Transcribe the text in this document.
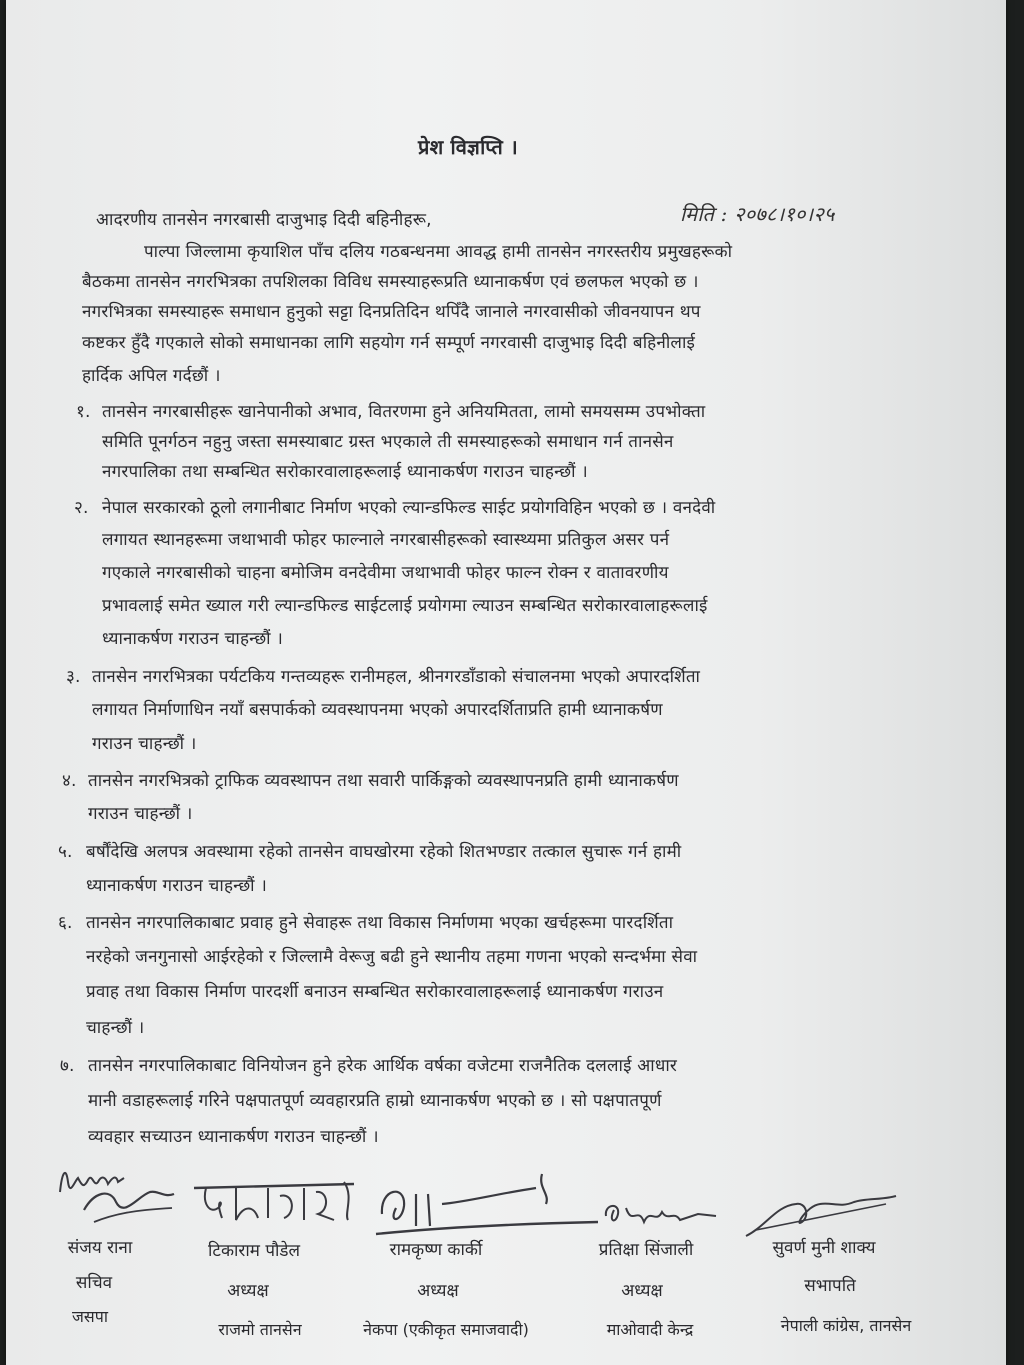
प्रेश विज्ञप्ति ।
मिति : २०७८।१०।२५
आदरणीय तानसेन नगरबासी दाजुभाइ दिदी बहिनीहरू,
पाल्पा जिल्लामा कृयाशिल पाँच दलिय गठबन्धनमा आवद्ध हामी तानसेन नगरस्तरीय प्रमुखहरूको
बैठकमा तानसेन नगरभित्रका तपशिलका विविध समस्याहरूप्रति ध्यानाकर्षण एवं छलफल भएको छ ।
नगरभित्रका समस्याहरू समाधान हुनुको सट्टा दिनप्रतिदिन थपिँदै जानाले नगरवासीको जीवनयापन थप
कष्टकर हुँदै गएकाले सोको समाधानका लागि सहयोग गर्न सम्पूर्ण नगरवासी दाजुभाइ दिदी बहिनीलाई
हार्दिक अपिल गर्दछौं ।
१. तानसेन नगरबासीहरू खानेपानीको अभाव, वितरणमा हुने अनियमितता, लामो समयसम्म उपभोक्ता
समिति पूनर्गठन नहुनु जस्ता समस्याबाट ग्रस्त भएकाले ती समस्याहरूको समाधान गर्न तानसेन
नगरपालिका तथा सम्बन्धित सरोकारवालाहरूलाई ध्यानाकर्षण गराउन चाहन्छौं ।
२. नेपाल सरकारको ठूलो लगानीबाट निर्माण भएको ल्यान्डफिल्ड साईट प्रयोगविहिन भएको छ । वनदेवी
लगायत स्थानहरूमा जथाभावी फोहर फाल्नाले नगरबासीहरूको स्वास्थ्यमा प्रतिकुल असर पर्न
गएकाले नगरबासीको चाहना बमोजिम वनदेवीमा जथाभावी फोहर फाल्न रोक्न र वातावरणीय
प्रभावलाई समेत ख्याल गरी ल्यान्डफिल्ड साईटलाई प्रयोगमा ल्याउन सम्बन्धित सरोकारवालाहरूलाई
ध्यानाकर्षण गराउन चाहन्छौं ।
३. तानसेन नगरभित्रका पर्यटकिय गन्तव्यहरू रानीमहल, श्रीनगरडाँडाको संचालनमा भएको अपारदर्शिता
लगायत निर्माणाधिन नयाँ बसपार्कको व्यवस्थापनमा भएको अपारदर्शिताप्रति हामी ध्यानाकर्षण
गराउन चाहन्छौं ।
४. तानसेन नगरभित्रको ट्राफिक व्यवस्थापन तथा सवारी पार्किङ्गको व्यवस्थापनप्रति हामी ध्यानाकर्षण
गराउन चाहन्छौं ।
५. बर्षौंदेखि अलपत्र अवस्थामा रहेको तानसेन वाघखोरमा रहेको शितभण्डार तत्काल सुचारू गर्न हामी
ध्यानाकर्षण गराउन चाहन्छौं ।
६. तानसेन नगरपालिकाबाट प्रवाह हुने सेवाहरू तथा विकास निर्माणमा भएका खर्चहरूमा पारदर्शिता
नरहेको जनगुनासो आईरहेको र जिल्लामै वेरूजु बढी हुने स्थानीय तहमा गणना भएको सन्दर्भमा सेवा
प्रवाह तथा विकास निर्माण पारदर्शी बनाउन सम्बन्धित सरोकारवालाहरूलाई ध्यानाकर्षण गराउन
चाहन्छौं ।
७. तानसेन नगरपालिकाबाट विनियोजन हुने हरेक आर्थिक वर्षका वजेटमा राजनैतिक दललाई आधार
मानी वडाहरूलाई गरिने पक्षपातपूर्ण व्यवहारप्रति हाम्रो ध्यानाकर्षण भएको छ । सो पक्षपातपूर्ण
व्यवहार सच्याउन ध्यानाकर्षण गराउन चाहन्छौं ।
संजय राना
सचिव
जसपा
टिकाराम पौडेल
अध्यक्ष
राजमो तानसेन
रामकृष्ण कार्की
अध्यक्ष
नेकपा (एकीकृत समाजवादी)
प्रतिक्षा सिंजाली
अध्यक्ष
माओवादी केन्द्र
सुवर्ण मुनी शाक्य
सभापति
नेपाली कांग्रेस, तानसेन
